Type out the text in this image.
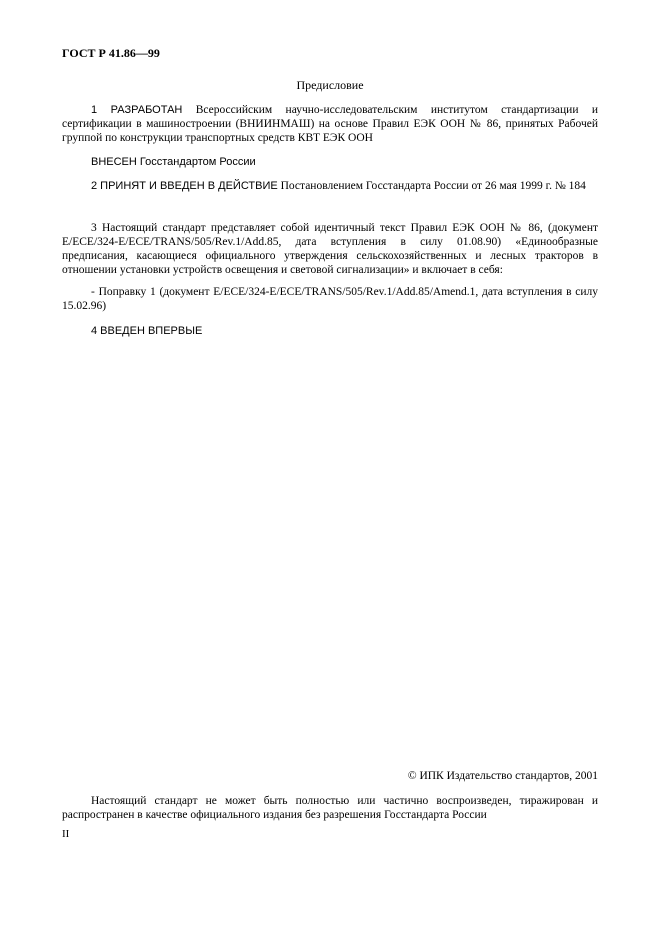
ГОСТ Р 41.86—99
Предисловие
1 РАЗРАБОТАН Всероссийским научно-исследовательским институтом стандартизации и сертификации в машиностроении (ВНИИНМАШ) на основе Правил ЕЭК ООН № 86, принятых Рабочей группой по конструкции транспортных средств КВТ ЕЭК ООН
ВНЕСЕН Госстандартом России
2 ПРИНЯТ И ВВЕДЕН В ДЕЙСТВИЕ Постановлением Госстандарта России от 26 мая 1999 г. № 184
3 Настоящий стандарт представляет собой идентичный текст Правил ЕЭК ООН № 86, (документ E/ECE/324-E/ECE/TRANS/505/Rev.1/Add.85, дата вступления в силу 01.08.90) «Единообразные предписания, касающиеся официального утверждения сельскохозяйственных и лесных тракторов в отношении установки устройств освещения и световой сигнализации» и включает в себя:
- Поправку 1 (документ E/ECE/324-E/ECE/TRANS/505/Rev.1/Add.85/Amend.1, дата вступления в силу 15.02.96)
4 ВВЕДЕН ВПЕРВЫЕ
© ИПК Издательство стандартов, 2001
Настоящий стандарт не может быть полностью или частично воспроизведен, тиражирован и распространен в качестве официального издания без разрешения Госстандарта России
II
